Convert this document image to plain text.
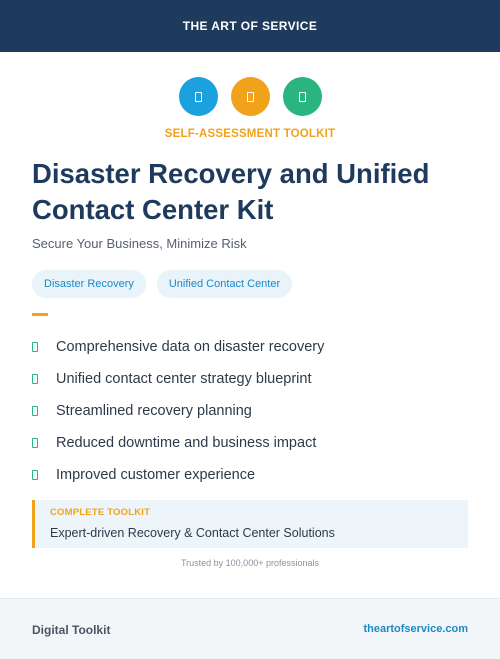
THE ART OF SERVICE
SELF-ASSESSMENT TOOLKIT
Disaster Recovery and Unified Contact Center Kit
Secure Your Business, Minimize Risk
Disaster Recovery	Unified Contact Center
Comprehensive data on disaster recovery
Unified contact center strategy blueprint
Streamlined recovery planning
Reduced downtime and business impact
Improved customer experience
COMPLETE TOOLKIT
Expert-driven Recovery & Contact Center Solutions
Trusted by 100,000+ professionals
Digital Toolkit	theartofservice.com
